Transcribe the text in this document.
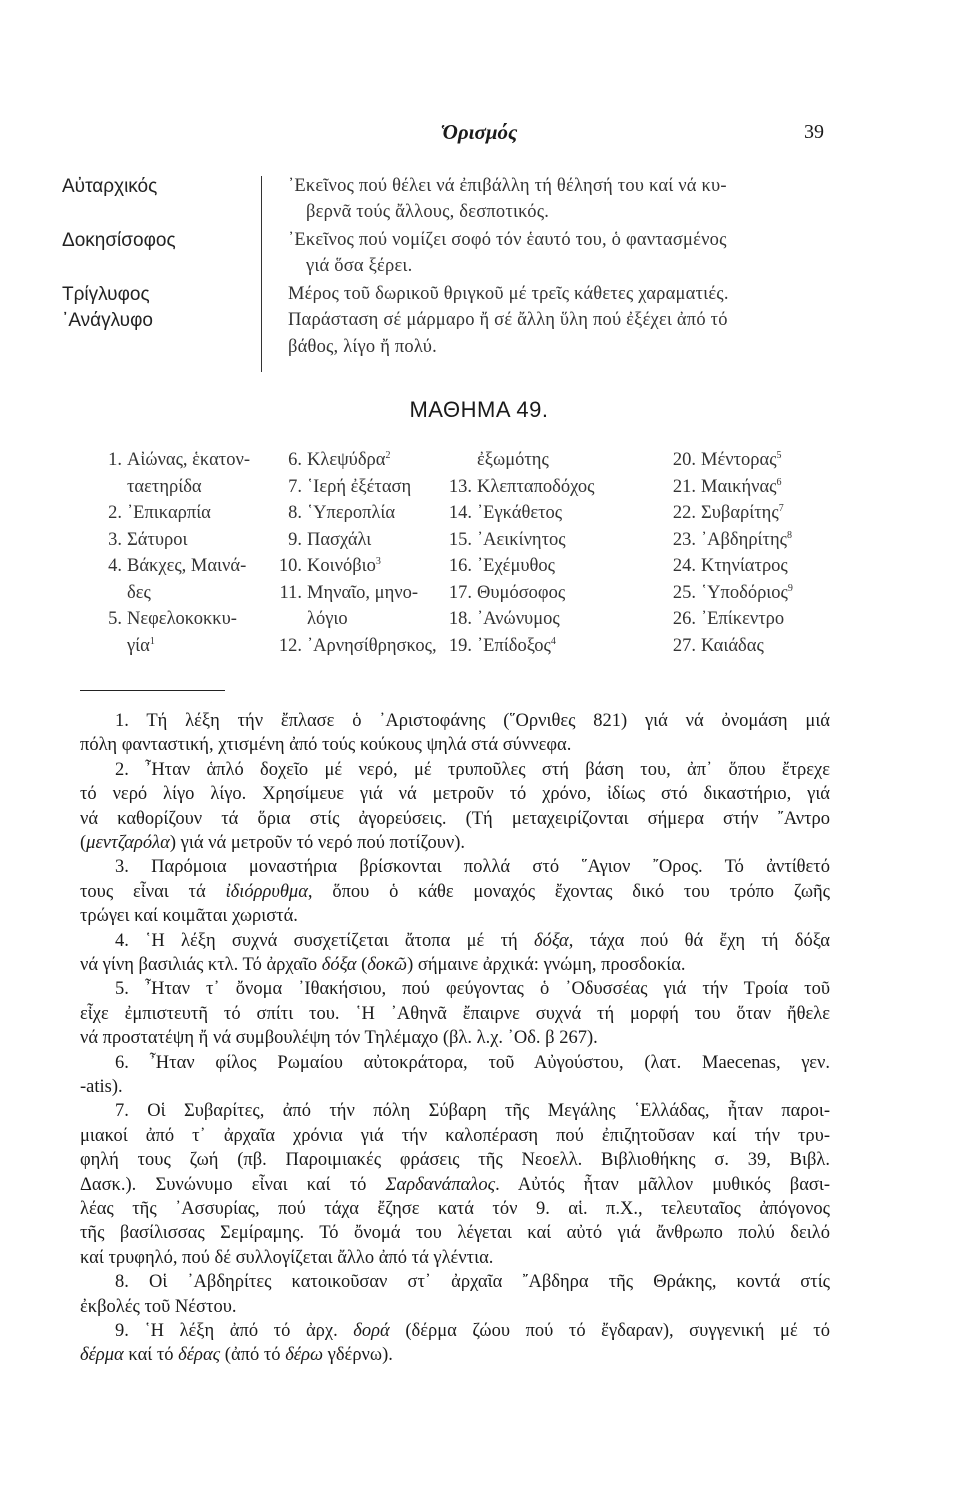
Ὁρισμός	39
Αὐταρχικός	᾿Εκεῖνος πού θέλει νά ἐπιβάλλη τή θέλησή του καί νά κυ-
βερνᾶ τούς ἄλλους, δεσποτικός.
Δοκησίσοφος	᾿Εκεῖνος πού νομίζει σοφό τόν ἑαυτό του, ὁ φαντασμένος
γιά ὅσα ξέρει.
Τρίγλυφος	Μέρος τοῦ δωρικοῦ θριγκοῦ μέ τρεῖς κάθετες χαραματιές.
᾿Ανάγλυφο	Παράσταση σέ μάρμαρο ἤ σέ ἄλλη ὕλη πού ἐξέχει ἀπό τό
βάθος, λίγο ἤ πολύ.
ΜΑΘΗΜΑ 49.
1. Αἰώνας, ἑκατον-
ταετηρίδα
2. ᾿Επικαρπία
3. Σάτυροι
4. Βάκχες, Μαινά-
δες
5. Νεφελοκοκκυ-
γία$^1$
6. Κλεψύδρα$^2$
7. ῾Ιερή ἐξέταση
8. ῾Υπεροπλία
9. Πασχάλι
10. Κοινόβιο$^3$
11. Μηναῖο, μηνο-
λόγιο
12. ᾿Αρνησίθρησκος,
ἐξωμότης
13. Κλεπταποδόχος
14. ᾿Εγκάθετος
15. ᾿Αεικίνητος
16. ᾿Εχέμυθος
17. Θυμόσοφος
18. ᾿Ανώνυμος
19. ᾿Επίδοξος$^4$
20. Μέντορας$^5$
21. Μαικήνας$^6$
22. Συβαρίτης$^7$
23. ᾿Αβδηρίτης$^8$
24. Κτηνίατρος
25. ῾Υποδόριος$^9$
26. ᾿Επίκεντρο
27. Καιάδας
1. Τή λέξη τήν ἔπλασε ὁ ᾿Αριστοφάνης (῞Ορνιθες 821) γιά νά ὀνομάση μιά
πόλη φανταστική, χτισμένη ἀπό τούς κούκους ψηλά στά σύννεφα.
2. ῏Ηταν ἁπλό δοχεῖο μέ νερό, μέ τρυποῦλες στή βάση του, ἀπ᾿ ὅπου ἔτρεχε
τό νερό λίγο λίγο. Χρησίμευε γιά νά μετροῦν τό χρόνο, ἰδίως στό δικαστήριο, γιά
νά καθορίζουν τά ὅρια στίς ἀγορεύσεις. (Τή μεταχειρίζονται σήμερα στήν ῎Αντρο
(μεντζαρόλα) γιά νά μετροῦν τό νερό πού ποτίζουν).
3. Παρόμοια μοναστήρια βρίσκονται πολλά στό ῞Αγιον ῎Ορος. Τό ἀντίθετό
τους εἶναι τά ἰδιόρρυθμα, ὅπου ὁ κάθε μοναχός ἔχοντας δικό του τρόπο ζωῆς
τρώγει καί κοιμᾶται χωριστά.
4. ῾Η λέξη συχνά συσχετίζεται ἄτοπα μέ τή δόξα, τάχα πού θά ἔχη τή δόξα
νά γίνη βασιλιάς κτλ. Τό ἀρχαῖο δόξα (δοκῶ) σήμαινε ἀρχικά: γνώμη, προσδοκία.
5. ῏Ηταν τ᾿ ὄνομα ᾿Ιθακήσιου, πού φεύγοντας ὁ ᾿Οδυσσέας γιά τήν Τροία τοῦ
εἶχε ἐμπιστευτῆ τό σπίτι του. ῾Η ᾿Αθηνᾶ ἔπαιρνε συχνά τή μορφή του ὅταν ἤθελε
νά προστατέψη ἤ νά συμβουλέψη τόν Τηλέμαχο (βλ. λ.χ. ᾿Οδ. β 267).
6. ῏Ηταν φίλος Ρωμαίου αὐτοκράτορα, τοῦ Αὐγούστου, (λατ. Maecenas, γεν.
-atis).
7. Οἱ Συβαρίτες, ἀπό τήν πόλη Σύβαρη τῆς Μεγάλης ῾Ελλάδας, ἦταν παροι-
μιακοί ἀπό τ᾿ ἀρχαῖα χρόνια γιά τήν καλοπέραση πού ἐπιζητοῦσαν καί τήν τρυ-
φηλή τους ζωή (πβ. Παροιμιακές φράσεις τῆς Νεοελλ. Βιβλιοθήκης σ. 39, Βιβλ.
Δασκ.). Συνώνυμο εἶναι καί τό Σαρδανάπαλος. Αὐτός ἦταν μᾶλλον μυθικός βασι-
λέας τῆς ᾿Ασσυρίας, πού τάχα ἔζησε κατά τόν 9. αἱ. π.Χ., τελευταῖος ἀπόγονος
τῆς βασίλισσας Σεμίραμης. Τό ὄνομά του λέγεται καί αὐτό γιά ἄνθρωπο πολύ δειλό
καί τρυφηλό, πού δέ συλλογίζεται ἄλλο ἀπό τά γλέντια.
8. Οἱ ᾿Αβδηρίτες κατοικοῦσαν στ᾿ ἀρχαῖα ῎Αβδηρα τῆς Θράκης, κοντά στίς
ἐκβολές τοῦ Νέστου.
9. ῾Η λέξη ἀπό τό ἀρχ. δορά (δέρμα ζώου πού τό ἔγδαραν), συγγενική μέ τό
δέρμα καί τό δέρας (ἀπό τό δέρω γδέρνω).
